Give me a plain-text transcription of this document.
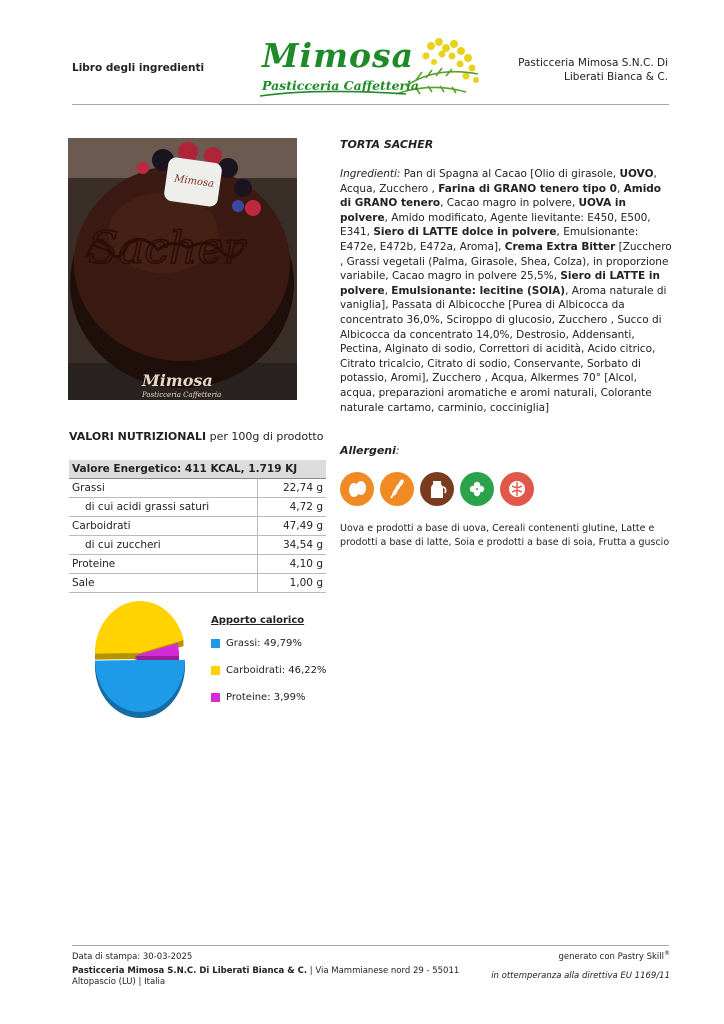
Libro degli ingredienti Mimosa
Pasticceria Caffetteria
Pasticceria Mimosa S.N.C. Di
Liberati Bianca & C.
Mimosa
Sacher
Mimosa
Pasticceria Caffetteria
TORTA SACHER
Ingredienti: Pan di Spagna al Cacao [Olio di girasole, UOVO, Acqua, Zucchero , Farina di GRANO tenero tipo 0, Amido di GRANO tenero, Cacao magro in polvere, UOVA in polvere, Amido modificato, Agente lievitante: E450, E500, E341, Siero di LATTE dolce in polvere, Emulsionante: E472e, E472b, E472a, Aroma], Crema Extra Bitter [Zucchero , Grassi vegetali (Palma, Girasole, Shea, Colza), in proporzione variabile, Cacao magro in polvere 25,5%, Siero di LATTE in polvere, Emulsionante: lecitine (SOIA), Aroma naturale di vaniglia], Passata di Albicocche [Purea di Albicocca da concentrato 36,0%, Sciroppo di glucosio, Zucchero , Succo di Albicocca da concentrato 14,0%, Destrosio, Addensanti, Pectina, Alginato di sodio, Correttori di acidità, Acido citrico, Citrato tricalcio, Citrato di sodio, Conservante, Sorbato di potassio, Aromi], Zucchero , Acqua, Alkermes 70° [Alcol, acqua, preparazioni aromatiche e aromi naturali, Colorante naturale cartamo, carminio, cocciniglia]
Allergeni:
Uova e prodotti a base di uova, Cereali contenenti glutine, Latte e prodotti a base di latte, Soia e prodotti a base di soia, Frutta a guscio
VALORI NUTRIZIONALI per 100g di prodotto
Valore Energetico: 411 KCAL, 1.719 KJ	
Grassi	22,74 g
di cui acidi grassi saturi	4,72 g
Carboidrati	47,49 g
di cui zuccheri	34,54 g
Proteine	4,10 g
Sale	1,00 g
Apporto calorico
Grassi: 49,79%
Carboidrati: 46,22%
Proteine: 3,99%
Data di stampa: 30-03-2025	generato con Pastry Skill®
Pasticceria Mimosa S.N.C. Di Liberati Bianca & C. | Via Mammianese nord 29 - 55011 Altopascio (LU) | Italia
in ottemperanza alla direttiva EU 1169/11
